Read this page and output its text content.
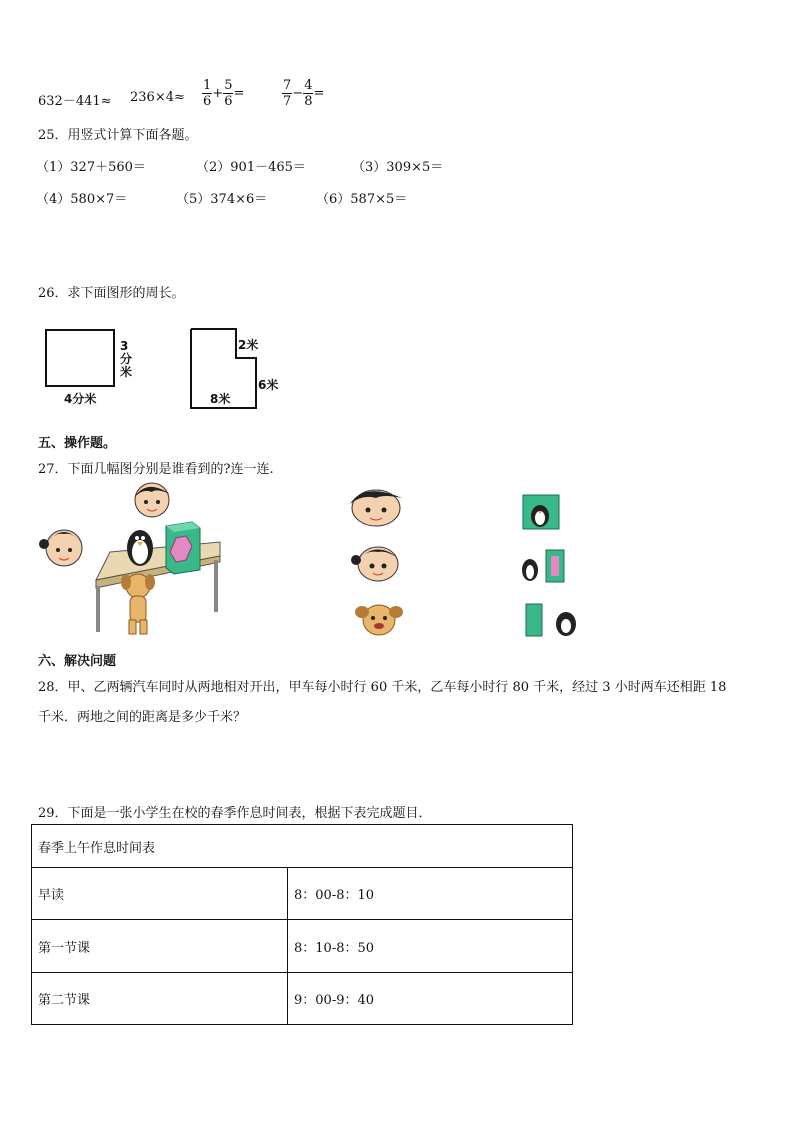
$632-441\approx 236\times 4\approx \frac{1}{6} + \frac{5}{6}$ =	$\frac{7}{7} - \frac{4}{8}$ =
25．用竖式计算下面各题。
（1）327＋560＝	（2）901－465＝	（3）309×5＝
（4）580×7＝	（5）374×6＝	（6）587×5＝
26．求下面图形的周长。
3分米
4分米
2米
8米
6米
五、操作题。
27．下面几幅图分别是谁看到的?连一连.
六、解决问题
28．甲、乙两辆汽车同时从两地相对开出，甲车每小时行 60 千米，乙车每小时行 80 千米，经过 3 小时两车还相距 18
千米．两地之间的距离是多少千米？
29．下面是一张小学生在校的春季作息时间表，根据下表完成题目．
春季上午作息时间表	
早读	8：00-8：10
第一节课	8：10-8：50
第二节课	9：00-9：40
